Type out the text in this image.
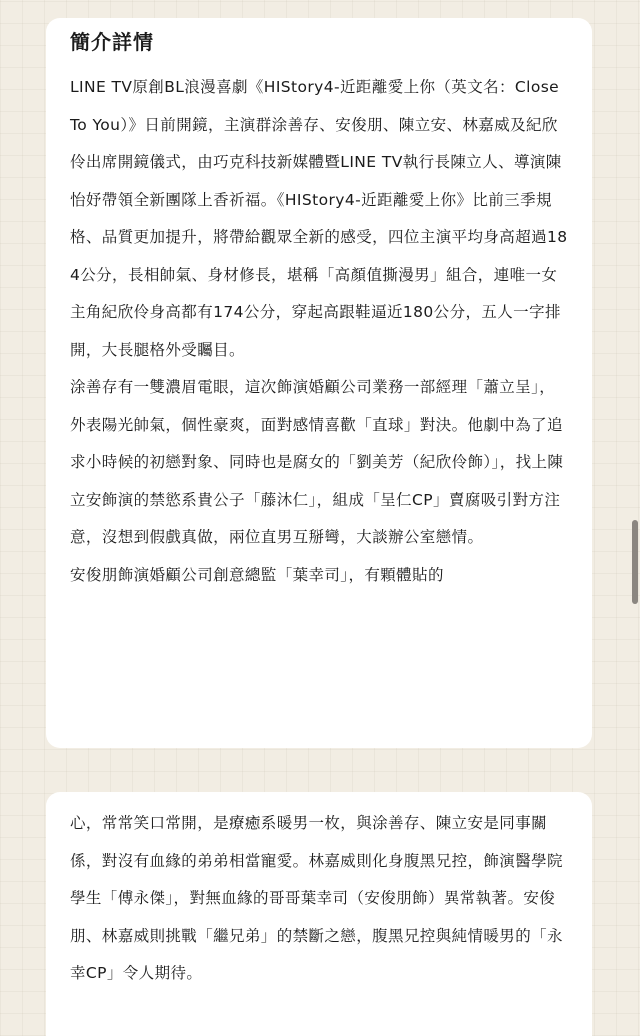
簡介詳情

LINE TV原創BL浪漫喜劇《HIStory4-近距離愛上你（英文名：Close To You）》日前開鏡，主演群涂善存、安俊朋、陳立安、林嘉威及紀欣伶出席開鏡儀式，由巧克科技新媒體暨LINE TV執行長陳立人、導演陳怡妤帶領全新團隊上香祈福。《HIStory4-近距離愛上你》比前三季規格、品質更加提升，將帶給觀眾全新的感受，四位主演平均身高超過184公分，長相帥氣、身材修長，堪稱「高顏值撕漫男」組合，連唯一女主角紀欣伶身高都有174公分，穿起高跟鞋逼近180公分，五人一字排開，大長腿格外受矚目。

涂善存有一雙濃眉電眼，這次飾演婚顧公司業務一部經理「蕭立呈」，外表陽光帥氣，個性豪爽，面對感情喜歡「直球」對決。他劇中為了追求小時候的初戀對象、同時也是腐女的「劉美芳（紀欣伶飾）」，找上陳立安飾演的禁慾系貴公子「藤沐仁」，組成「呈仁CP」賣腐吸引對方注意，沒想到假戲真做，兩位直男互掰彎，大談辦公室戀情。

安俊朋飾演婚顧公司創意總監「葉幸司」，有顆體貼的

心，常常笑口常開，是療癒系暖男一枚，與涂善存、陳立安是同事關係，對沒有血緣的弟弟相當寵愛。林嘉威則化身腹黑兄控，飾演醫學院學生「傅永傑」，對無血緣的哥哥葉幸司（安俊朋飾）異常執著。安俊朋、林嘉威則挑戰「繼兄弟」的禁斷之戀，腹黑兄控與純情暖男的「永幸CP」令人期待。
